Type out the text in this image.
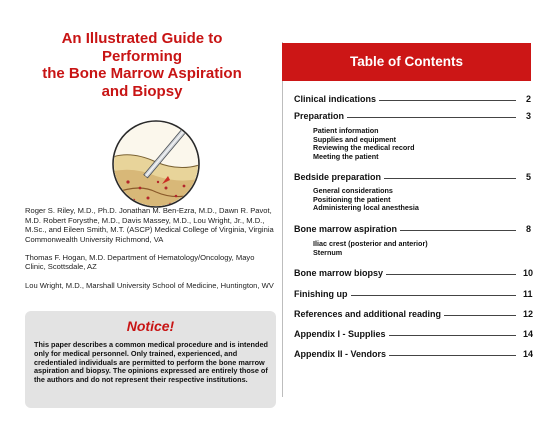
An Illustrated Guide to
Performing
the Bone Marrow Aspiration
and Biopsy

Roger S. Riley, M.D., Ph.D. Jonathan M. Ben-Ezra, M.D., Dawn R. Pavot, M.D. Robert Forysthe, M.D., Davis Massey, M.D., Lou Wright, Jr., M.D., M.Sc., and Eileen Smith, M.T. (ASCP) Medical College of Virginia, Virginia Commonwealth University Richmond, VA

Thomas F. Hogan, M.D. Department of Hematology/Oncology, Mayo Clinic, Scottsdale, AZ

Lou Wright, M.D., Marshall University School of Medicine, Huntington, WV

Notice!
This paper describes a common medical procedure and is intended only for medical personnel. Only trained, experienced, and credentialed individuals are permitted to perform the bone marrow aspiration and biopsy. The opinions expressed are entirely those of the authors and do not represent their respective institutions.
Table of Contents
Clinical indications	2
Preparation	3
Patient information
Supplies and equipment
Reviewing the medical record
Meeting the patient
Bedside preparation	5
General considerations
Positioning the patient
Administering local anesthesia
Bone marrow aspiration	8
Iliac crest (posterior and anterior)
Sternum
Bone marrow biopsy	10
Finishing up	11
References and additional reading	12
Appendix I - Supplies	14
Appendix II - Vendors	14
